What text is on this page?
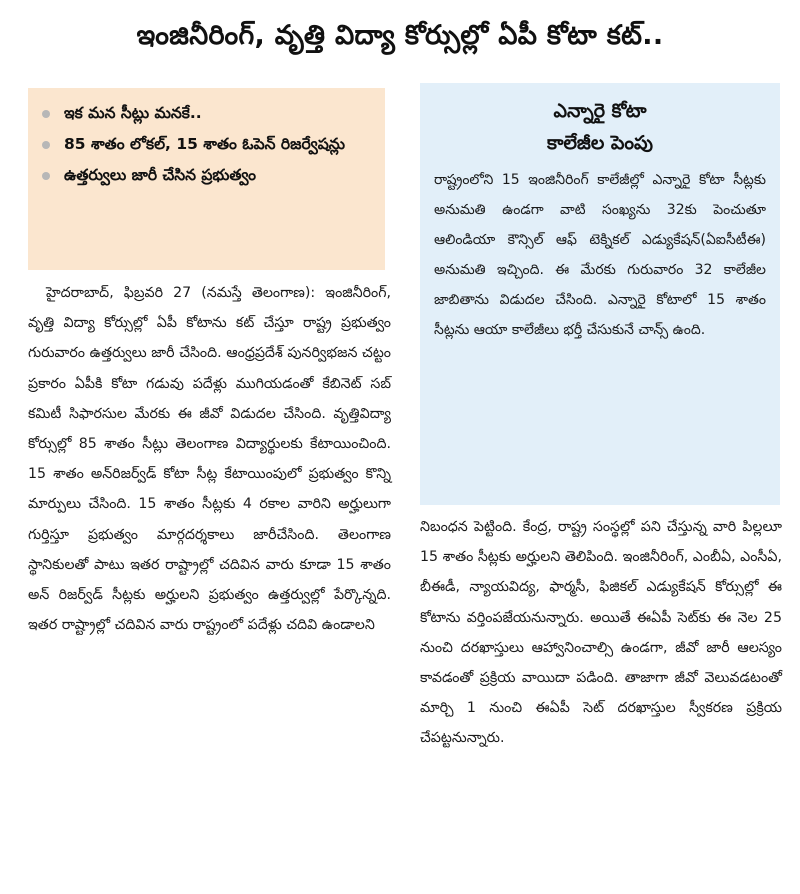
ఇంజినీరింగ్, వృత్తి విద్యా కోర్సుల్లో ఏపీ కోటా కట్..
ఇక మన సీట్లు మనకే..
85 శాతం లోకల్, 15 శాతం ఓపెన్ రిజర్వేషన్లు
ఉత్తర్వులు జారీ చేసిన ప్రభుత్వం
ఎన్నారై కోటా
కాలేజీల పెంపు
రాష్ట్రంలోని 15 ఇంజినీరింగ్ కాలేజీల్లో ఎన్నారై కోటా సీట్లకు అనుమతి ఉండగా వాటి సంఖ్యను 32కు పెంచుతూ ఆలిండియా కౌన్సిల్ ఆఫ్ టెక్నికల్ ఎడ్యుకేషన్(ఏఐసీటీఈ) అనుమతి ఇచ్చింది. ఈ మేరకు గురువారం 32 కాలేజీల జాబితాను విడుదల చేసింది. ఎన్నారై కోటాలో 15 శాతం సీట్లను ఆయా కాలేజీలు భర్తీ చేసుకునే చాన్స్ ఉంది.

హైదరాబాద్, ఫిబ్రవరి 27 (నమస్తే తెలంగాణ): ఇంజినీరింగ్, వృత్తి విద్యా కోర్సుల్లో ఏపీ కోటాను కట్ చేస్తూ రాష్ట్ర ప్రభుత్వం గురువారం ఉత్తర్వులు జారీ చేసింది. ఆంధ్రప్రదేశ్ పునర్విభజన చట్టం ప్రకారం ఏపీకి కోటా గడువు పదేళ్లు ముగియడంతో కేబినెట్ సబ్ కమిటీ సిఫారసుల మేరకు ఈ జీవో విడుదల చేసింది. వృత్తివిద్యా కోర్సుల్లో 85 శాతం సీట్లు తెలంగాణ విద్యార్థులకు కేటాయించింది. 15 శాతం అన్‌రిజర్వ్‌డ్ కోటా సీట్ల కేటాయింపులో ప్రభుత్వం కొన్ని మార్పులు చేసింది. 15 శాతం సీట్లకు 4 రకాల వారిని అర్హులుగా గుర్తిస్తూ ప్రభుత్వం మార్గదర్శకాలు జారీచేసింది. తెలంగాణ స్థానికులతో పాటు ఇతర రాష్ట్రాల్లో చదివిన వారు కూడా 15 శాతం అన్ రిజర్వ్‌డ్ సీట్లకు అర్హులని ప్రభుత్వం ఉత్తర్వుల్లో పేర్కొన్నది. ఇతర రాష్ట్రాల్లో చదివిన వారు రాష్ట్రంలో పదేళ్లు చదివి ఉండాలని

నిబంధన పెట్టింది. కేంద్ర, రాష్ట్ర సంస్థల్లో పని చేస్తున్న వారి పిల్లలూ 15 శాతం సీట్లకు అర్హులని తెలిపింది. ఇంజినీరింగ్, ఎంబీఏ, ఎంసీఏ, బీఈడీ, న్యాయవిద్య, ఫార్మసీ, ఫిజికల్ ఎడ్యుకేషన్ కోర్సుల్లో ఈ కోటాను వర్తింపజేయనున్నారు. అయితే ఈఏపీ సెట్‌కు ఈ నెల 25 నుంచి దరఖాస్తులు ఆహ్వానించాల్సి ఉండగా, జీవో జారీ ఆలస్యం కావడంతో ప్రక్రియ వాయిదా పడింది. తాజాగా జీవో వెలువడటంతో మార్చి 1 నుంచి ఈఏపీ సెట్ దరఖాస్తుల స్వీకరణ ప్రక్రియ చేపట్టనున్నారు.
